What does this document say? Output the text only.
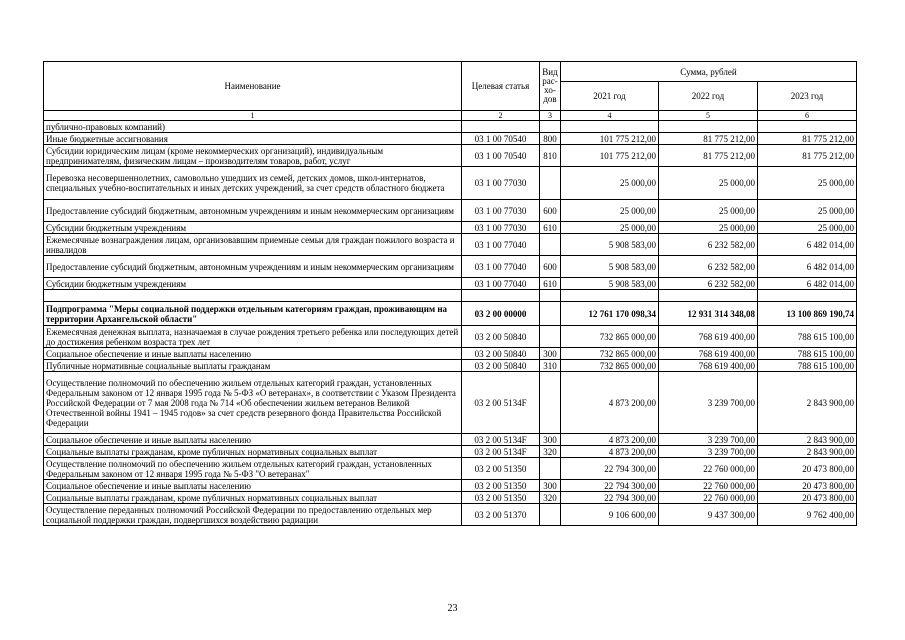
Наименование	Целевая статья	Вид рас-хо-дов	Сумма, рублей		
			2021 год	2022 год	2023 год
1	2	3	4	5	6
публично-правовых компаний)					
Иные бюджетные ассигнования	03 1 00 70540	800	101 775 212,00	81 775 212,00	81 775 212,00
Субсидии юридическим лицам (кроме некоммерческих организаций), индивидуальным предпринимателям, физическим лицам – производителям товаров, работ, услуг	03 1 00 70540	810	101 775 212,00	81 775 212,00	81 775 212,00
Перевозка несовершеннолетних, самовольно ушедших из семей, детских домов, школ-интернатов, специальных учебно-воспитательных и иных детских учреждений, за счет средств областного бюджета	03 1 00 77030		25 000,00	25 000,00	25 000,00
Предоставление субсидий бюджетным, автономным учреждениям и иным некоммерческим организациям	03 1 00 77030	600	25 000,00	25 000,00	25 000,00
Субсидии бюджетным учреждениям	03 1 00 77030	610	25 000,00	25 000,00	25 000,00
Ежемесячные вознаграждения лицам, организовавшим приемные семьи для граждан пожилого возраста и инвалидов	03 1 00 77040		5 908 583,00	6 232 582,00	6 482 014,00
Предоставление субсидий бюджетным, автономным учреждениям и иным некоммерческим организациям	03 1 00 77040	600	5 908 583,00	6 232 582,00	6 482 014,00
Субсидии бюджетным учреждениям	03 1 00 77040	610	5 908 583,00	6 232 582,00	6 482 014,00

Подпрограмма "Меры социальной поддержки отдельным категориям граждан, проживающим на территории Архангельской области"	03 2 00 00000		12 761 170 098,34	12 931 314 348,08	13 100 869 190,74
Ежемесячная денежная выплата, назначаемая в случае рождения третьего ребенка или последующих детей до достижения ребенком возраста трех лет	03 2 00 50840		732 865 000,00	768 619 400,00	788 615 100,00
Социальное обеспечение и иные выплаты населению	03 2 00 50840	300	732 865 000,00	768 619 400,00	788 615 100,00
Публичные нормативные социальные выплаты гражданам	03 2 00 50840	310	732 865 000,00	768 619 400,00	788 615 100,00
Осуществление полномочий по обеспечению жильем отдельных категорий граждан, установленных Федеральным законом от 12 января 1995 года № 5-ФЗ «О ветеранах», в соответствии с Указом Президента Российской Федерации от 7 мая 2008 года № 714 «Об обеспечении жильем ветеранов Великой Отечественной войны 1941 – 1945 годов» за счет средств резервного фонда Правительства Российской Федерации	03 2 00 5134F		4 873 200,00	3 239 700,00	2 843 900,00
Социальное обеспечение и иные выплаты населению	03 2 00 5134F	300	4 873 200,00	3 239 700,00	2 843 900,00
Социальные выплаты гражданам, кроме публичных нормативных социальных выплат	03 2 00 5134F	320	4 873 200,00	3 239 700,00	2 843 900,00
Осуществление полномочий по обеспечению жильем отдельных категорий граждан, установленных Федеральным законом от 12 января 1995 года № 5-ФЗ "О ветеранах"	03 2 00 51350		22 794 300,00	22 760 000,00	20 473 800,00
Социальное обеспечение и иные выплаты населению	03 2 00 51350	300	22 794 300,00	22 760 000,00	20 473 800,00
Социальные выплаты гражданам, кроме публичных нормативных социальных выплат	03 2 00 51350	320	22 794 300,00	22 760 000,00	20 473 800,00
Осуществление переданных полномочий Российской Федерации по предоставлению отдельных мер социальной поддержки граждан, подвергшихся воздействию радиации	03 2 00 51370		9 106 600,00	9 437 300,00	9 762 400,00
23
